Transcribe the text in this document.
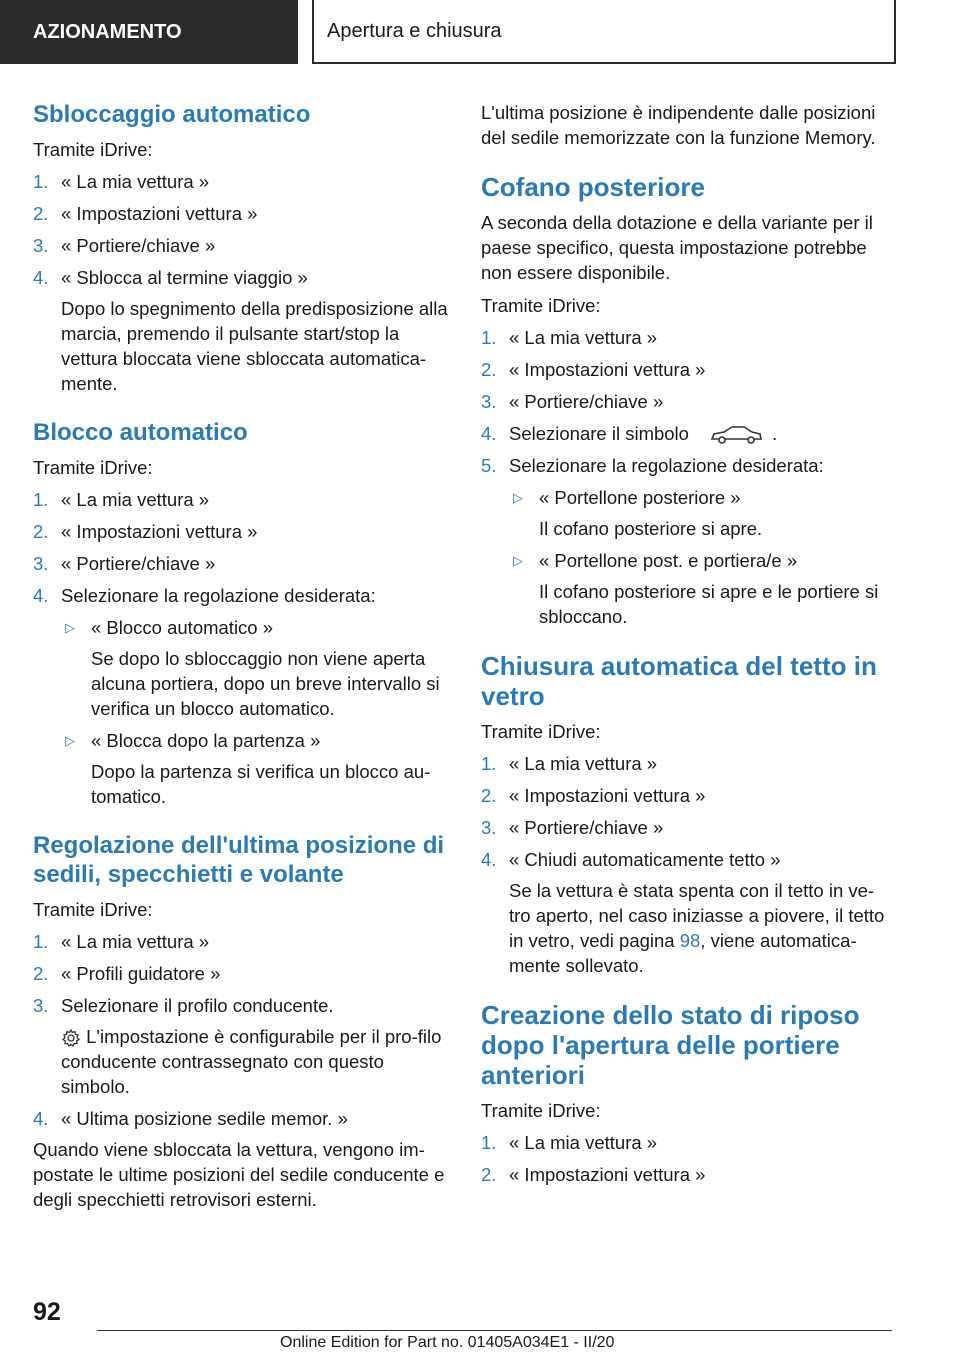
AZIONAMENTO	Apertura e chiusura
Sbloccaggio automatico

Tramite iDrive:

1. « La mia vettura »
2. « Impostazioni vettura »
3. « Portiere/chiave »
4. « Sblocca al termine viaggio »

Dopo lo spegnimento della predisposizione alla marcia, premendo il pulsante start/stop la vettura bloccata viene sbloccata automatica-mente.

Blocco automatico

Tramite iDrive:

1. « La mia vettura »
2. « Impostazioni vettura »
3. « Portiere/chiave »
4. Selezionare la regolazione desiderata:
▷ « Blocco automatico »

Se dopo lo sbloccaggio non viene aperta alcuna portiera, dopo un breve intervallo si verifica un blocco automatico.

▷ « Blocca dopo la partenza »

Dopo la partenza si verifica un blocco au-tomatico.

Regolazione dell'ultima posizione di sedili, specchietti e volante

Tramite iDrive:

1. « La mia vettura »
2. « Profili guidatore »
3. Selezionare il profilo conducente.

L'impostazione è configurabile per il pro-filo conducente contrassegnato con questo simbolo.

4. « Ultima posizione sedile memor. »

Quando viene sbloccata la vettura, vengono im-postate le ultime posizioni del sedile conducente e degli specchietti retrovisori esterni.

L'ultima posizione è indipendente dalle posizioni del sedile memorizzate con la funzione Memory.

Cofano posteriore

A seconda della dotazione e della variante per il paese specifico, questa impostazione potrebbe non essere disponibile.

Tramite iDrive:

1. « La mia vettura »
2. « Impostazioni vettura »
3. « Portiere/chiave »
4. Selezionare il simbolo	.
5. Selezionare la regolazione desiderata:
▷ « Portellone posteriore »

Il cofano posteriore si apre.

▷ « Portellone post. e portiera/e »

Il cofano posteriore si apre e le portiere si sbloccano.

Chiusura automatica del tetto in vetro

Tramite iDrive:

1. « La mia vettura »
2. « Impostazioni vettura »
3. « Portiere/chiave »
4. « Chiudi automaticamente tetto »

Se la vettura è stata spenta con il tetto in ve-tro aperto, nel caso iniziasse a piovere, il tetto in vetro, vedi pagina 98, viene automatica-mente sollevato.

Creazione dello stato di riposo dopo l'apertura delle portiere anteriori

Tramite iDrive:

1. « La mia vettura »
2. « Impostazioni vettura »
92
Online Edition for Part no. 01405A034E1 - II/20
